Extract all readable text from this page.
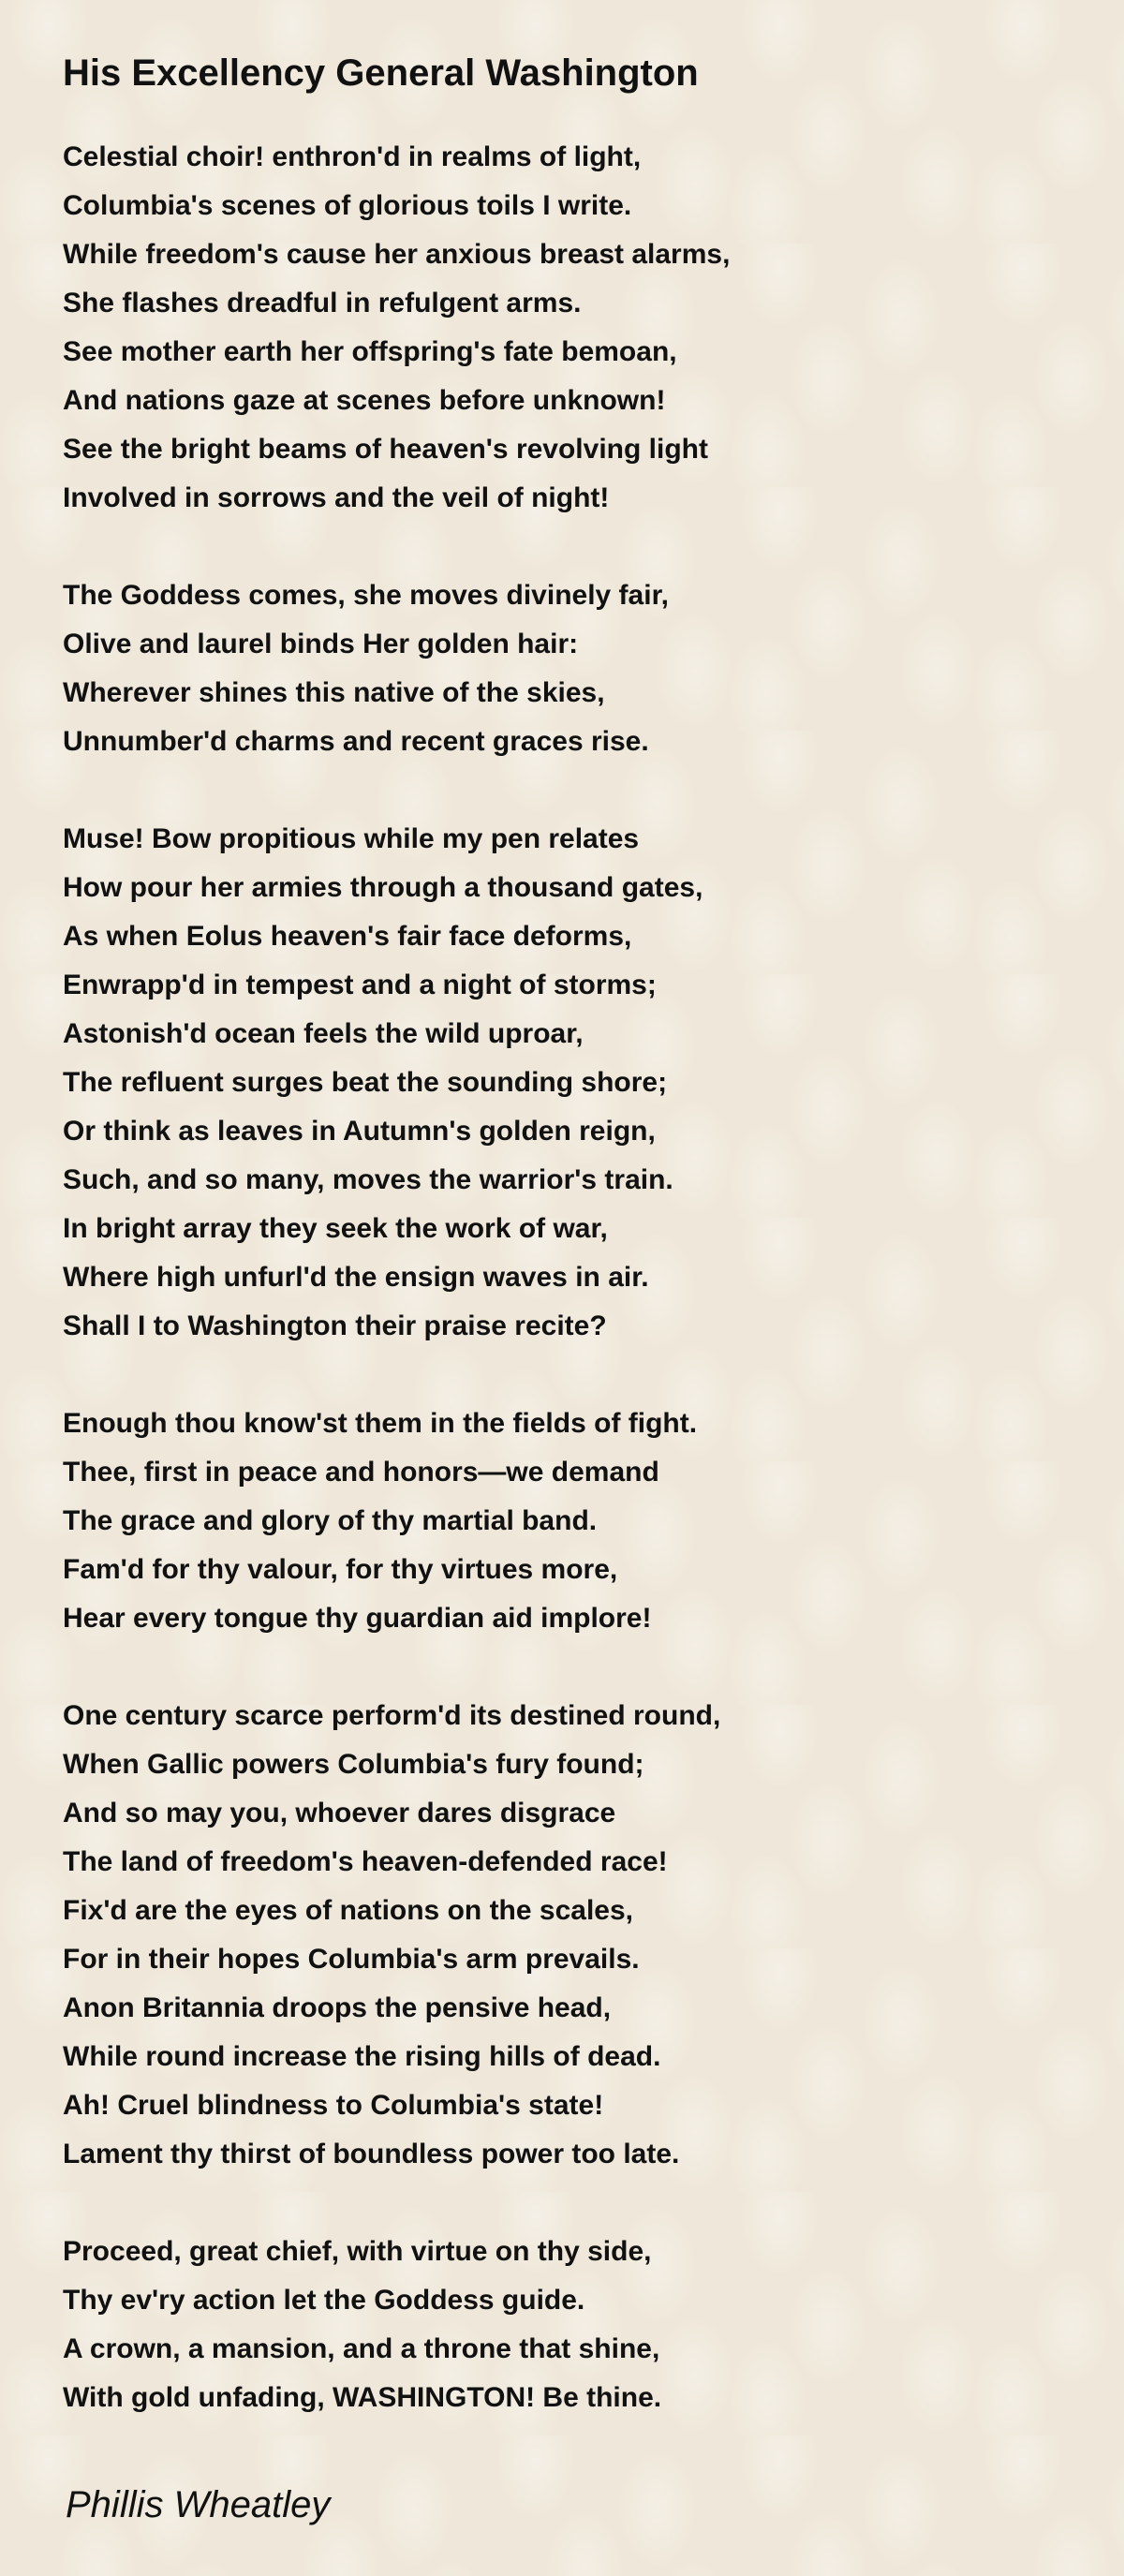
His Excellency General Washington
Celestial choir! enthron'd in realms of light,
Columbia's scenes of glorious toils I write.
While freedom's cause her anxious breast alarms,
She flashes dreadful in refulgent arms.
See mother earth her offspring's fate bemoan,
And nations gaze at scenes before unknown!
See the bright beams of heaven's revolving light
Involved in sorrows and the veil of night!
The Goddess comes, she moves divinely fair,
Olive and laurel binds Her golden hair:
Wherever shines this native of the skies,
Unnumber'd charms and recent graces rise.
Muse! Bow propitious while my pen relates
How pour her armies through a thousand gates,
As when Eolus heaven's fair face deforms,
Enwrapp'd in tempest and a night of storms;
Astonish'd ocean feels the wild uproar,
The refluent surges beat the sounding shore;
Or think as leaves in Autumn's golden reign,
Such, and so many, moves the warrior's train.
In bright array they seek the work of war,
Where high unfurl'd the ensign waves in air.
Shall I to Washington their praise recite?
Enough thou know'st them in the fields of fight.
Thee, first in peace and honors—we demand
The grace and glory of thy martial band.
Fam'd for thy valour, for thy virtues more,
Hear every tongue thy guardian aid implore!
One century scarce perform'd its destined round,
When Gallic powers Columbia's fury found;
And so may you, whoever dares disgrace
The land of freedom's heaven-defended race!
Fix'd are the eyes of nations on the scales,
For in their hopes Columbia's arm prevails.
Anon Britannia droops the pensive head,
While round increase the rising hills of dead.
Ah! Cruel blindness to Columbia's state!
Lament thy thirst of boundless power too late.
Proceed, great chief, with virtue on thy side,
Thy ev'ry action let the Goddess guide.
A crown, a mansion, and a throne that shine,
With gold unfading, WASHINGTON! Be thine.

Phillis Wheatley
